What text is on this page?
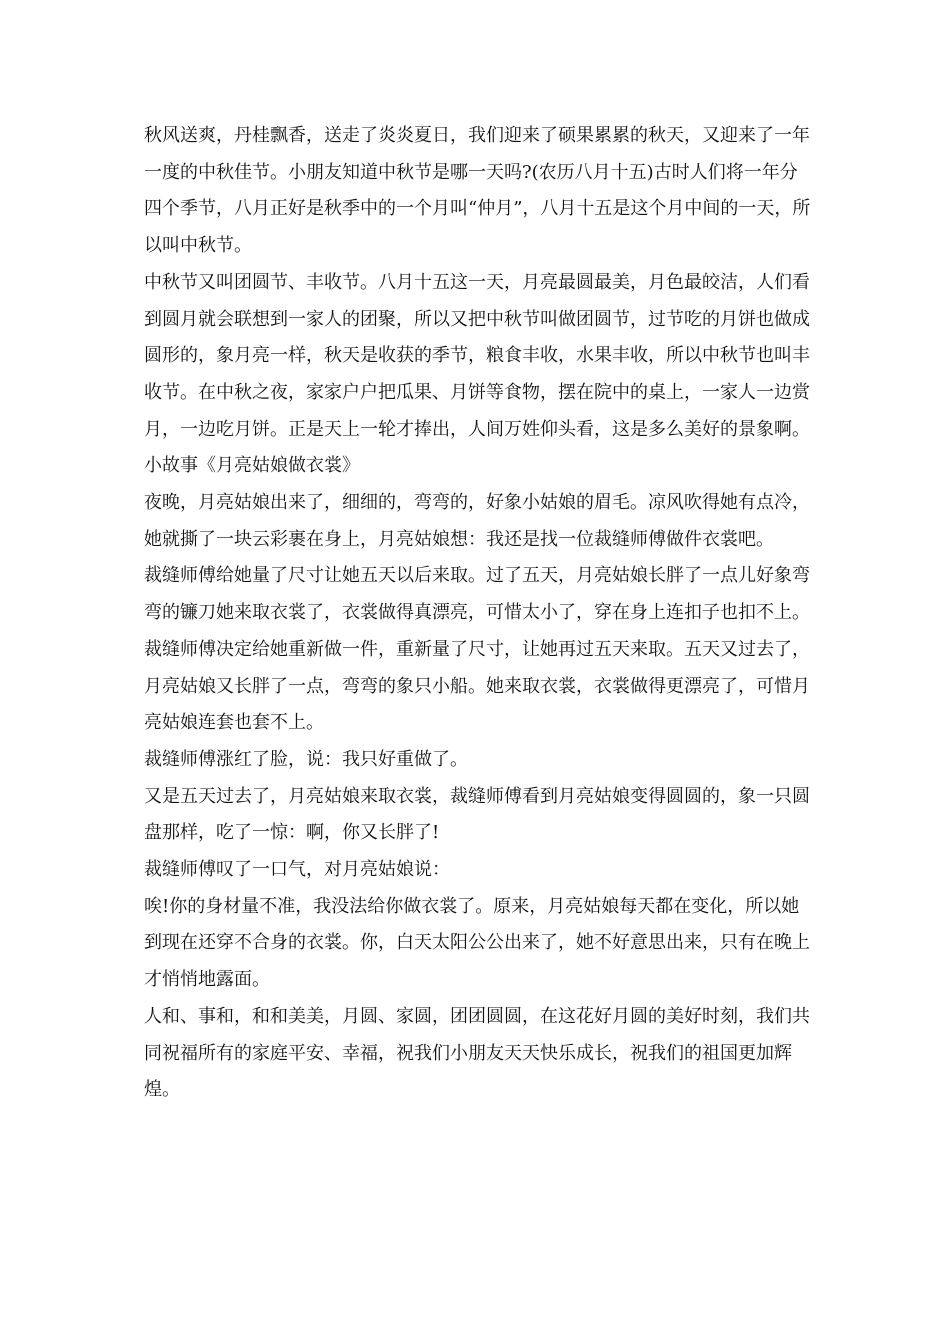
秋风送爽，丹桂飘香，送走了炎炎夏日，我们迎来了硕果累累的秋天，又迎来了一年一度的中秋佳节。小朋友知道中秋节是哪一天吗?(农历八月十五)古时人们将一年分四个季节，八月正好是秋季中的一个月叫“仲月”，八月十五是这个月中间的一天，所以叫中秋节。

中秋节又叫团圆节、丰收节。八月十五这一天，月亮最圆最美，月色最皎洁，人们看到圆月就会联想到一家人的团聚，所以又把中秋节叫做团圆节，过节吃的月饼也做成圆形的，象月亮一样，秋天是收获的季节，粮食丰收，水果丰收，所以中秋节也叫丰收节。在中秋之夜，家家户户把瓜果、月饼等食物，摆在院中的桌上，一家人一边赏月，一边吃月饼。正是天上一轮才捧出，人间万姓仰头看，这是多么美好的景象啊。

小故事《月亮姑娘做衣裳》

夜晚，月亮姑娘出来了，细细的，弯弯的，好象小姑娘的眉毛。凉风吹得她有点冷，她就撕了一块云彩裹在身上，月亮姑娘想：我还是找一位裁缝师傅做件衣裳吧。

裁缝师傅给她量了尺寸让她五天以后来取。过了五天，月亮姑娘长胖了一点儿好象弯弯的镰刀她来取衣裳了，衣裳做得真漂亮，可惜太小了，穿在身上连扣子也扣不上。

裁缝师傅决定给她重新做一件，重新量了尺寸，让她再过五天来取。五天又过去了，月亮姑娘又长胖了一点，弯弯的象只小船。她来取衣裳，衣裳做得更漂亮了，可惜月亮姑娘连套也套不上。

裁缝师傅涨红了脸，说：我只好重做了。

又是五天过去了，月亮姑娘来取衣裳，裁缝师傅看到月亮姑娘变得圆圆的，象一只圆盘那样，吃了一惊：啊，你又长胖了!

裁缝师傅叹了一口气，对月亮姑娘说：

唉!你的身材量不准，我没法给你做衣裳了。原来，月亮姑娘每天都在变化，所以她到现在还穿不合身的衣裳。你，白天太阳公公出来了，她不好意思出来，只有在晚上才悄悄地露面。

人和、事和，和和美美，月圆、家圆，团团圆圆，在这花好月圆的美好时刻，我们共同祝福所有的家庭平安、幸福，祝我们小朋友天天快乐成长，祝我们的祖国更加辉煌。
